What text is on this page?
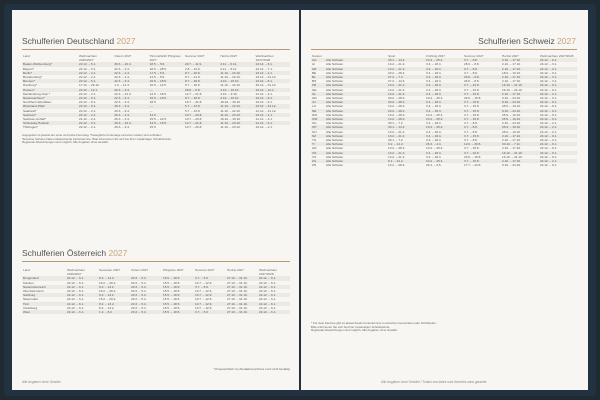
Schulferien Deutschland 2027
Land	Weihnachten 2026/2027	Ostern 2027	Himmelfahrt/ Pfingsten 2027	Sommer 2027	Herbst 2027	Weihnachten 2027/2028
Baden-Württemberg*	22.12. – 5.1.	30.3. – 10.4.	18.5. – 5.6.	29.7. – 11.9.	2.11. – 6.11.	23.12. – 8.1.
Bayern*	24.12. – 5.1.	22.3. – 2.4.	18.5. – 28.5.	2.8. – 13.9.	2.11. – 5.11.	24.12. – 7.1.
Berlin*	22.12. – 2.1.	22.3. – 2.4.	17.5. – 5.6.	8.7. – 20.8.	11.10. – 23.10.	23.12. – 2.1.
Brandenburg*	22.12. – 2.1.	22.3. – 2.4.	14.5. – 5.6.	8.7. – 21.8.	11.10. – 22.10.	23.12. – 31.12.
Bremen*	22.12. – 5.1.	22.3. – 6.4.	15.5. – 18.5.	8.7. – 18.8.	4.10. – 16.10.	23.12. – 8.1.
Hamburg*	17.12. – 29.12.	1.3. – 12.3.	10.5. – 14.5.	8.7. – 18.8.	11.10. – 22.10.	20.12. – 31.12.
Hessen*	22.12. – 12.1.	29.3. – 9.4.	—	28.6. – 6.8.	4.10. – 16.10.	23.12. – 12.1.
Mecklenburg-Vorp.*	22.12. – 2.1.	22.3. – 31.3.	14.5. – 18.5.	12.7. – 21.8.	4.10. – 9.10.	21.12. – 2.1.
Niedersachsen*	22.12. – 5.1.	22.3. – 6.4.	15.5. – 18.5.	8.7. – 18.8.	4.10. – 16.10.	23.12. – 8.1.
Nordrhein-Westfalen	22.12. – 6.1.	22.3. – 3.4.	18.5.	19.7. – 31.8.	18.10. – 30.10.	24.12. – 6.1.
Rheinland-Pfalz	22.12. – 8.1.	29.3. – 9.4.	—	5.7. – 13.8.	11.10. – 22.10.	23.12. – 31.12.
Saarland*	22.12. – 2.1.	29.3. – 9.4.	—	5.7. – 13.8.	11.10. – 22.10.	21.12. – 31.12.
Sachsen*	22.12. – 2.1.	26.3. – 2.4.	14.5.	10.7. – 20.8.	11.10. – 23.10.	23.12. – 2.1.
Sachsen-Anhalt*	21.12. – 2.1.	29.3. – 3.4.	15.5. – 22.5.	10.7. – 20.8.	19.10. – 30.10.	21.12. – 3.1.
Schleswig-Holstein	22.12. – 6.1.	29.3. – 10.4.	14.5. – 15.5.	12.7. – 21.8.	11.10. – 23.10.	21.12. – 6.1.
Thüringen*	22.12. – 2.1.	29.3. – 9.4.	15.5.	10.7. – 20.8.	11.10. – 23.10.	23.12. – 2.1.
Angegeben ist jeweils der erste und letzte Ferientag. *bewegliche Ferientage einzelner Länder sind enthalten
*Einzelne Schulen haben abweichende Ferientermine. Bitte informieren Sie sich bei Ihrer zuständigen Schulbehörde.
Regionale Abweichungen sind möglich. Alle Angaben ohne Gewähr.
Schulferien Österreich 2027
Land	Weihnachten 2026/2027	Semester 2027	Ostern 2027	Pfingsten 2027	Sommer 2027	Herbst 2027	Weihnachten 2027/2028
Burgenland	24.12. – 6.1.	8.2. – 13.2.	20.3. – 5.4.	15.5. – 18.5.	3.7. – 5.9.	27.10. – 31.10.	24.12. – 6.1.
Kärnten	24.12. – 6.1.	15.2. – 20.2.	20.3. – 5.4.	15.5. – 18.5.	10.7. – 12.9.	27.10. – 31.10.	24.12. – 6.1.
Niederösterreich	24.12. – 6.1.	8.2. – 13.2.	20.3. – 5.4.	15.5. – 18.5.	3.7. – 5.9.	27.10. – 31.10.	24.12. – 6.1.
Oberösterreich	24.12. – 6.1.	15.2. – 20.2.	20.3. – 5.4.	15.5. – 18.5.	10.7. – 12.9.	27.10. – 31.10.	24.12. – 6.1.
Salzburg	24.12. – 6.1.	8.2. – 13.2.	20.3. – 5.4.	15.5. – 18.5.	10.7. – 12.9.	27.10. – 31.10.	24.12. – 6.1.
Steiermark	24.12. – 6.1.	15.2. – 20.2.	20.3. – 5.4.	15.5. – 18.5.	10.7. – 12.9.	27.10. – 31.10.	24.12. – 6.1.
Tirol	24.12. – 6.1.	8.2. – 13.2.	20.3. – 5.4.	15.5. – 18.5.	10.7. – 12.9.	27.10. – 31.10.	24.12. – 6.1.
Vorarlberg	24.12. – 6.1.	8.2. – 13.2.	20.3. – 5.4.	15.5. – 18.5.	10.7. – 12.9.	27.10. – 31.10.	24.12. – 6.1.
Wien	24.12. – 6.1.	1.2. – 6.2.	20.3. – 5.4.	15.5. – 18.5.	3.7. – 5.9.	27.10. – 31.10.	24.12. – 6.1.
*Voraussichtlich, bei Redaktionsschluss noch nicht bestätigt
Alle Angaben ohne Gewähr
Schulferien Schweiz 2027
Kanton		Sport	Frühling 2027	Sommer 2027	Herbst 2027	Weihnachten 2027/2028
AG	Alle Schulen	30.1. – 14.2.	10.4. – 25.4.	3.7. – 8.8.	2.10. – 17.10.	24.12. – 9.1.
AI	Alle Schulen	13.2. – 21.2.	3.4. – 18.4.	26.6. – 8.8.	2.10. – 17.10.	24.12. – 3.1.
AR	Alle Schulen	13.2. – 21.2.	3.4. – 18.4.	3.7. – 8.8.	2.10. – 17.10.	24.12. – 2.1.
BE	Alle Schulen	20.2. – 28.2.	3.4. – 18.4.	3.7. – 8.8.	18.9. – 10.10.	24.12. – 9.1.
BL	Alle Schulen	27.2. – 7.3.	3.4. – 18.4.	26.6. – 8.8.	2.10. – 17.10.	24.12. – 3.1.
BS	Alle Schulen	27.2. – 14.3.	3.4. – 18.4.	26.6. – 8.8.	2.10. – 17.10.	24.12. – 3.1.
FR	Alle Schulen	13.2. – 21.2.	3.4. – 18.4.	3.7. – 22.8.	16.10. – 31.10.	24.12. – 9.1.
GE	Alle Schulen	13.2. – 21.2.	2.4. – 18.4.	3.7. – 22.8.	16.10. – 24.10.	24.12. – 9.1.
GL	Alle Schulen	13.2. – 21.2.	3.4. – 18.4.	3.7. – 15.8.	2.10. – 17.10.	24.12. – 2.1.
GR	Alle Schulen	20.2. – 28.2.	10.4. – 25.4.	26.6. – 15.8.	9.10. – 24.10.	24.12. – 9.1.
JU	Alle Schulen	20.2. – 28.2.	3.4. – 18.4.	3.7. – 15.8.	9.10. – 24.10.	24.12. – 9.1.
LU	Alle Schulen	13.2. – 28.2.	3.4. – 18.4.	3.7. – 15.8.	25.9. – 10.10.	24.12. – 9.1.
NE	Alle Schulen	20.2. – 28.2.	3.4. – 18.4.	3.7. – 15.8.	9.10. – 24.10.	24.12. – 9.1.
NW	Alle Schulen	13.2. – 28.2.	10.4. – 25.4.	3.7. – 15.8.	25.9. – 10.10.	24.12. – 9.1.
OW	Alle Schulen	13.2. – 28.2.	10.4. – 25.4.	3.7. – 15.8.	25.9. – 10.10.	24.12. – 9.1.
SG	Alle Schulen	30.1. – 7.2.	3.4. – 18.4.	3.7. – 8.8.	2.10. – 24.10.	24.12. – 2.1.
SH	Alle Schulen	30.1. – 14.2.	10.4. – 25.4.	3.7. – 8.8.	25.9. – 10.10.	24.12. – 2.1.
SO	Alle Schulen	13.2. – 21.2.	3.4. – 18.4.	3.7. – 8.8.	25.9. – 10.10.	24.12. – 2.1.
SZ	Alle Schulen	13.2. – 21.2.	3.4. – 18.4.	3.7. – 15.8.	2.10. – 17.10.	24.12. – 9.1.
TG	Alle Schulen	30.1. – 7.2.	3.4. – 18.4.	3.7. – 8.8.	2.10. – 17.10.	24.12. – 2.1.
TI	Alle Schulen	6.2. – 14.2.	26.3. – 4.4.	12.6. – 29.8.	30.10. – 7.11.	24.12. – 9.1.
UR	Alle Schulen	13.2. – 28.2.	10.4. – 25.4.	3.7. – 15.8.	2.10. – 17.10.	24.12. – 9.1.
VD	Alle Schulen	13.2. – 21.2.	3.4. – 18.4.	3.7. – 22.8.	16.10. – 31.10.	24.12. – 9.1.
VS	Alle Schulen	13.2. – 21.2.	3.4. – 18.4.	26.6. – 15.8.	16.10. – 31.10.	24.12. – 9.1.
ZG	Alle Schulen	6.2. – 21.2.	10.4. – 25.4.	3.7. – 15.8.	2.10. – 17.10.	24.12. – 2.1.
ZH	Alle Schulen	13.2. – 28.2.	24.4. – 9.5.	17.7. – 22.8.	9.10. – 24.10.	24.12. – 9.1.
* Für viele Kantone gibt es abweichende Ferientermine in einzelnen Gemeinden oder Schulstufen.
Bitte informieren Sie sich bei Ihrer zuständigen Schulbehörde.
Regionale Abweichungen sind möglich. Alle Angaben ohne Gewähr.
Alle Angaben ohne Gewähr / Toutes ces dates sont données sans garantie
